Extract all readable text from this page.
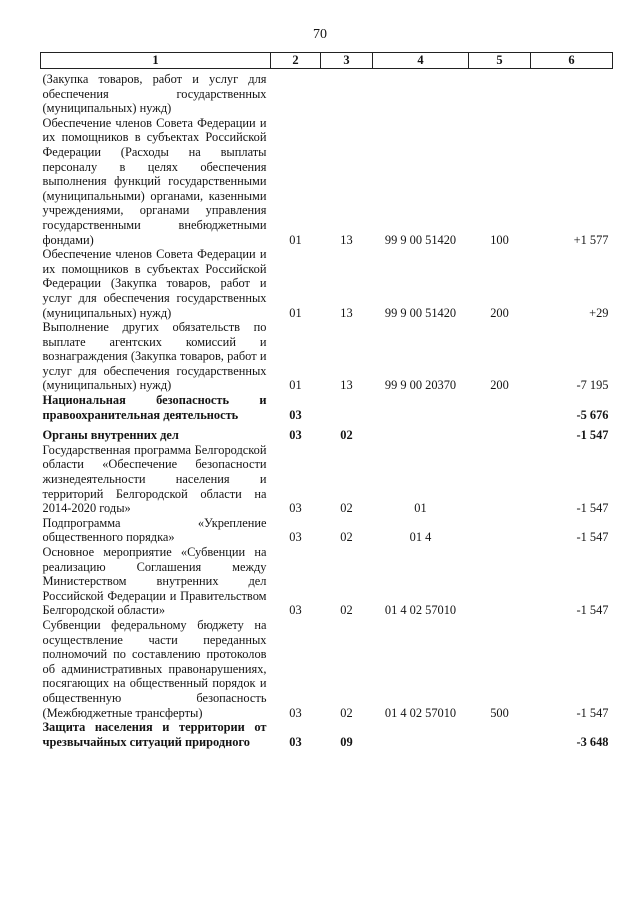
70
1	2	3	4	5	6
(Закупка товаров, работ и услуг для обеспечения государственных (муниципальных) нужд)					
Обеспечение членов Совета Федерации и их помощников в субъектах Российской Федерации (Расходы на выплаты персоналу в целях обеспечения выполнения функций государственными (муниципальными) органами, казенными учреждениями, органами управления государственными внебюджетными фондами)	01	13	99 9 00 51420	100	+1 577
Обеспечение членов Совета Федерации и их помощников в субъектах Российской Федерации (Закупка товаров, работ и услуг для обеспечения государственных (муниципальных) нужд)	01	13	99 9 00 51420	200	+29
Выполнение других обязательств по выплате агентских комиссий и вознаграждения (Закупка товаров, работ и услуг для обеспечения государственных (муниципальных) нужд)	01	13	99 9 00 20370	200	-7 195
Национальная безопасность и правоохранительная деятельность	03				-5 676
Органы внутренних дел	03	02			-1 547
Государственная программа Белгородской области «Обеспечение безопасности жизнедеятельности населения и территорий Белгородской области на 2014-2020 годы»	03	02	01		-1 547
Подпрограмма «Укрепление общественного порядка»	03	02	01 4		-1 547
Основное мероприятие «Субвенции на реализацию Соглашения между Министерством внутренних дел Российской Федерации и Правительством Белгородской области»	03	02	01 4 02 57010		-1 547
Субвенции федеральному бюджету на осуществление части переданных полномочий по составлению протоколов об административных правонарушениях, посягающих на общественный порядок и общественную безопасность (Межбюджетные трансферты)	03	02	01 4 02 57010	500	-1 547
Защита населения и территории от чрезвычайных ситуаций природного	03	09			-3 648
